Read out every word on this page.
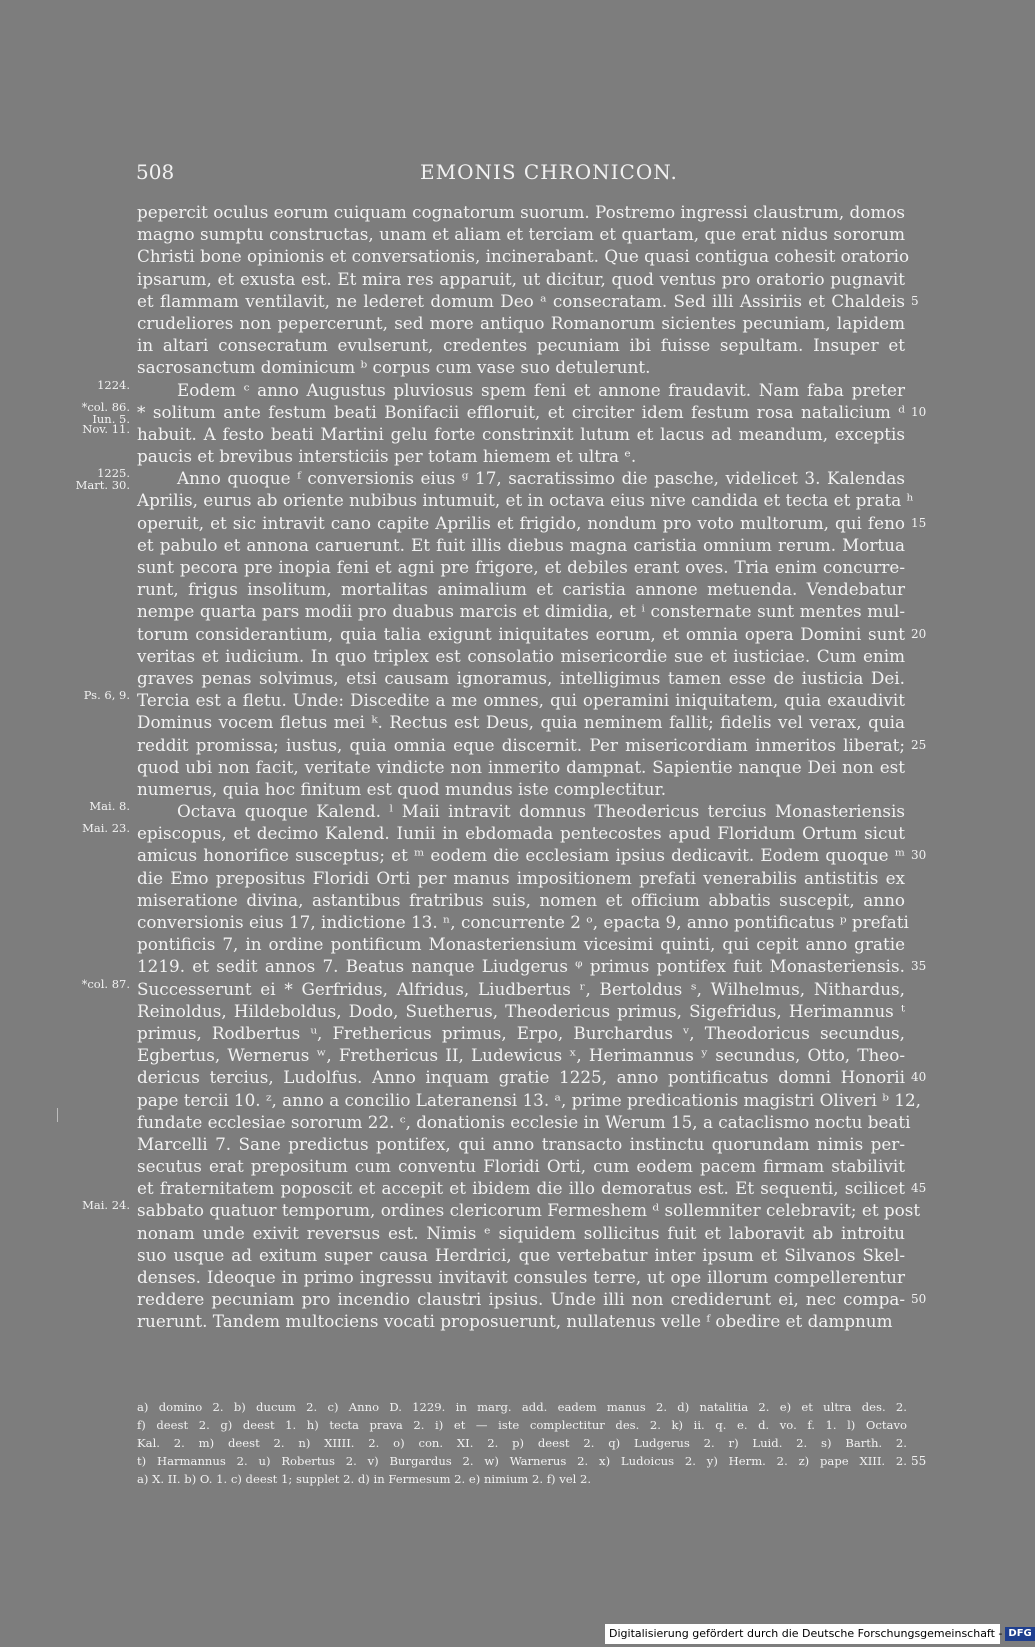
508	EMONIS CHRONICON.
pepercit oculus eorum cuiquam cognatorum suorum. Postremo ingressi claustrum, domos
magno sumptu constructas, unam et aliam et terciam et quartam, que erat nidus sororum
Christi bone opinionis et conversationis, incinerabant. Que quasi contigua cohesit oratorio
ipsarum, et exusta est. Et mira res apparuit, ut dicitur, quod ventus pro oratorio pugnavit
et flammam ventilavit, ne lederet domum Deo ᵃ consecratam. Sed illi Assiriis et Chaldeis 5
crudeliores non pepercerunt, sed more antiquo Romanorum sicientes pecuniam, lapidem
in altari consecratum evulserunt, credentes pecuniam ibi fuisse sepultam. Insuper et
sacrosanctum dominicum ᵇ corpus cum vase suo detulerunt.
Eodem ᶜ anno Augustus pluviosus spem feni et annone fraudavit. Nam faba preter
1224.
* solitum ante festum beati Bonifacii effloruit, et circiter idem festum rosa natalicium ᵈ
*col. 86.
Iun. 5.	10
habuit. A festo beati Martini gelu forte constrinxit lutum et lacus ad meandum, exceptis
Nov. 11.
paucis et brevibus intersticiis per totam hiemem et ultra ᵉ.
Anno quoque ᶠ conversionis eius ᵍ 17, sacratissimo die pasche, videlicet 3. Kalendas
1225.
Mart. 30.
Aprilis, eurus ab oriente nubibus intumuit, et in octava eius nive candida et tecta et prata ʰ
operuit, et sic intravit cano capite Aprilis et frigido, nondum pro voto multorum, qui feno 15
et pabulo et annona caruerunt. Et fuit illis diebus magna caristia omnium rerum. Mortua
sunt pecora pre inopia feni et agni pre frigore, et debiles erant oves. Tria enim concurre-
runt, frigus insolitum, mortalitas animalium et caristia annone metuenda. Vendebatur
nempe quarta pars modii pro duabus marcis et dimidia, et ⁱ consternate sunt mentes mul-
torum considerantium, quia talia exigunt iniquitates eorum, et omnia opera Domini sunt 20
veritas et iudicium. In quo triplex est consolatio misericordie sue et iusticiae. Cum enim
graves penas solvimus, etsi causam ignoramus, intelligimus tamen esse de iusticia Dei.
Tercia est a fletu. Unde: Discedite a me omnes, qui operamini iniquitatem, quia exaudivit
Ps. 6, 9.
Dominus vocem fletus mei ᵏ. Rectus est Deus, quia neminem fallit; fidelis vel verax, quia
reddit promissa; iustus, quia omnia eque discernit. Per misericordiam inmeritos liberat; 25
quod ubi non facit, veritate vindicte non inmerito dampnat. Sapientie nanque Dei non est
numerus, quia hoc finitum est quod mundus iste complectitur.
Octava quoque Kalend. ˡ Maii intravit domnus Theodericus tercius Monasteriensis
Mai. 8.
episcopus, et decimo Kalend. Iunii in ebdomada pentecostes apud Floridum Ortum sicut
Mai. 23.
amicus honorifice susceptus; et ᵐ eodem die ecclesiam ipsius dedicavit. Eodem quoque ᵐ 30
die Emo prepositus Floridi Orti per manus impositionem prefati venerabilis antistitis ex
miseratione divina, astantibus fratribus suis, nomen et officium abbatis suscepit, anno
conversionis eius 17, indictione 13. ⁿ, concurrente 2 ᵒ, epacta 9, anno pontificatus ᵖ prefati
pontificis 7, in ordine pontificum Monasteriensium vicesimi quinti, qui cepit anno gratie
1219. et sedit annos 7. Beatus nanque Liudgerus ᵠ primus pontifex fuit Monasteriensis. 35
Successerunt ei * Gerfridus, Alfridus, Liudbertus ʳ, Bertoldus ˢ, Wilhelmus, Nithardus,
*col. 87.
Reinoldus, Hildeboldus, Dodo, Suetherus, Theodericus primus, Sigefridus, Herimannus ᵗ
primus, Rodbertus ᵘ, Frethericus primus, Erpo, Burchardus ᵛ, Theodoricus secundus,
Egbertus, Wernerus ʷ, Frethericus II, Ludewicus ˣ, Herimannus ʸ secundus, Otto, Theo-
dericus tercius, Ludolfus. Anno inquam gratie 1225, anno pontificatus domni Honorii 40
pape tercii 10. ᶻ, anno a concilio Lateranensi 13. ᵃ, prime predicationis magistri Oliveri ᵇ 12,
fundate ecclesiae sororum 22. ᶜ, donationis ecclesie in Werum 15, a cataclismo noctu beati
Marcelli 7. Sane predictus pontifex, qui anno transacto instinctu quorundam nimis per-
secutus erat prepositum cum conventu Floridi Orti, cum eodem pacem firmam stabilivit
et fraternitatem poposcit et accepit et ibidem die illo demoratus est. Et sequenti, scilicet 45
sabbato quatuor temporum, ordines clericorum Fermeshem ᵈ sollemniter celebravit; et post
Mai. 24.
nonam unde exivit reversus est. Nimis ᵉ siquidem sollicitus fuit et laboravit ab introitu
suo usque ad exitum super causa Herdrici, que vertebatur inter ipsum et Silvanos Skel-
denses. Ideoque in primo ingressu invitavit consules terre, ut ope illorum compellerentur
reddere pecuniam pro incendio claustri ipsius. Unde illi non crediderunt ei, nec compa- 50
ruerunt. Tandem multociens vocati proposuerunt, nullatenus velle ᶠ obedire et dampnum
a) domino 2. b) ducum 2. c) Anno D. 1229. in marg. add. eadem manus 2. d) natalitia 2. e) et ultra des. 2.
f) deest 2. g) deest 1. h) tecta prava 2. i) et — iste complectitur des. 2. k) ii. q. e. d. vo. f. 1. l) Octavo
Kal. 2. m) deest 2. n) XIIII. 2. o) con. XI. 2. p) deest 2. q) Ludgerus 2. r) Luid. 2. s) Barth. 2.
t) Harmannus 2. u) Robertus 2. v) Burgardus 2. w) Warnerus 2. x) Ludoicus 2. y) Herm. 2. z) pape XIII. 2. 55
a) X. II. b) O. 1. c) deest 1; supplet 2. d) in Fermesum 2. e) nimium 2. f) vel 2.
Digitalisierung gefördert durch die Deutsche Forschungsgemeinschaft - DFG
